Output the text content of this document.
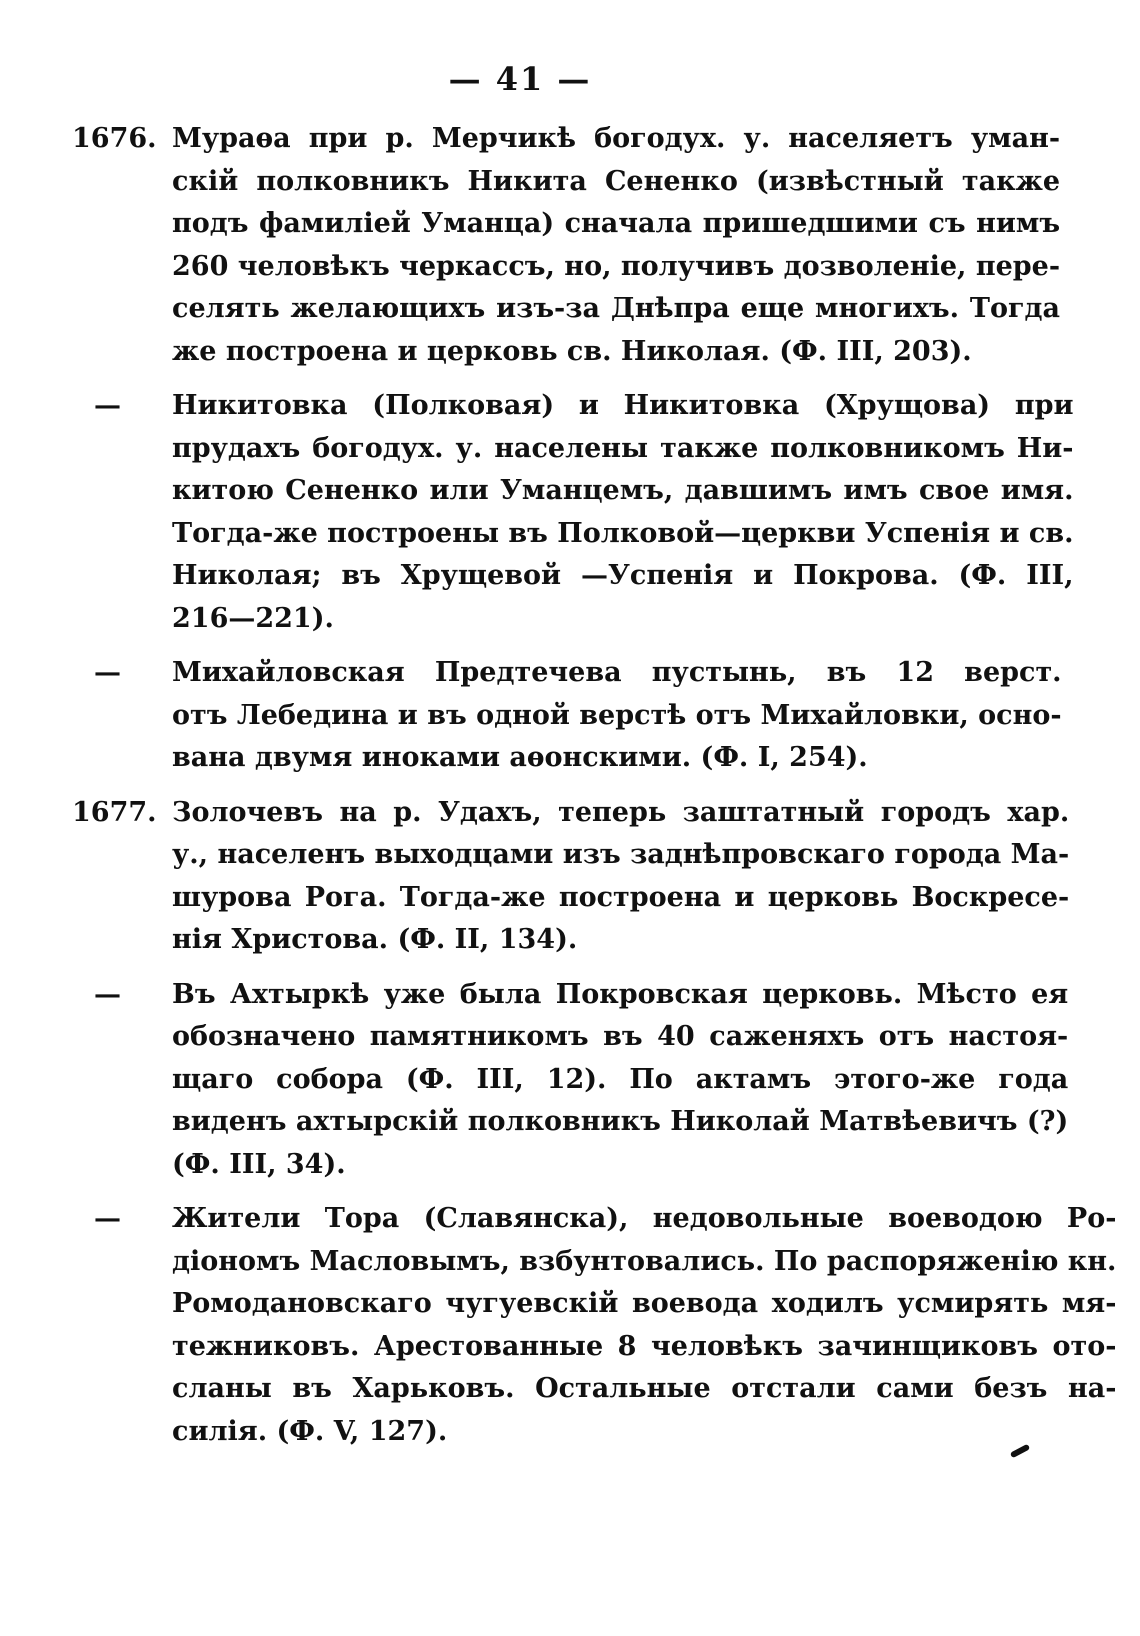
— 41 —
1676. Мураѳа при р. Мерчикѣ богодух. у. населяетъ уман-
скій полковникъ Никита Сененко (извѣстный также
подъ фамиліей Уманца) сначала пришедшими съ нимъ
260 человѣкъ черкассъ, но, получивъ дозволеніе, пере-
селять желающихъ изъ-за Днѣпра еще многихъ. Тогда
же построена и церковь св. Николая. (Ф. III, 203).
—	Никитовка (Полковая) и Никитовка (Хрущова) при
прудахъ богодух. у. населены также полковникомъ Ни-
китою Сененко или Уманцемъ, давшимъ имъ свое имя.
Тогда-же построены въ Полковой—церкви Успенія и св.
Николая; въ Хрущевой —Успенія и Покрова. (Ф. III,
216—221).
—	Михайловская Предтечева пустынь, въ 12 верст.
отъ Лебедина и въ одной верстѣ отъ Михайловки, осно-
вана двумя иноками аѳонскими. (Ф. I, 254).
1677. Золочевъ на р. Удахъ, теперь заштатный городъ хар.
у., населенъ выходцами изъ заднѣпровскаго города Ма-
шурова Рога. Тогда-же построена и церковь Воскресе-
нія Христова. (Ф. II, 134).
—	Въ Ахтыркѣ уже была Покровская церковь. Мѣсто ея
обозначено памятникомъ въ 40 саженяхъ отъ настоя-
щаго собора (Ф. III, 12). По актамъ этого-же года
виденъ ахтырскій полковникъ Николай Матвѣевичъ (?)
(Ф. III, 34).
—	Жители Тора (Славянска), недовольные воеводою Ро-
діономъ Масловымъ, взбунтовались. По распоряженію кн.
Ромодановскаго чугуевскій воевода ходилъ усмирять мя-
тежниковъ. Арестованные 8 человѣкъ зачинщиковъ ото-
сланы въ Харьковъ. Остальные отстали сами безъ на-
силія. (Ф. V, 127).
